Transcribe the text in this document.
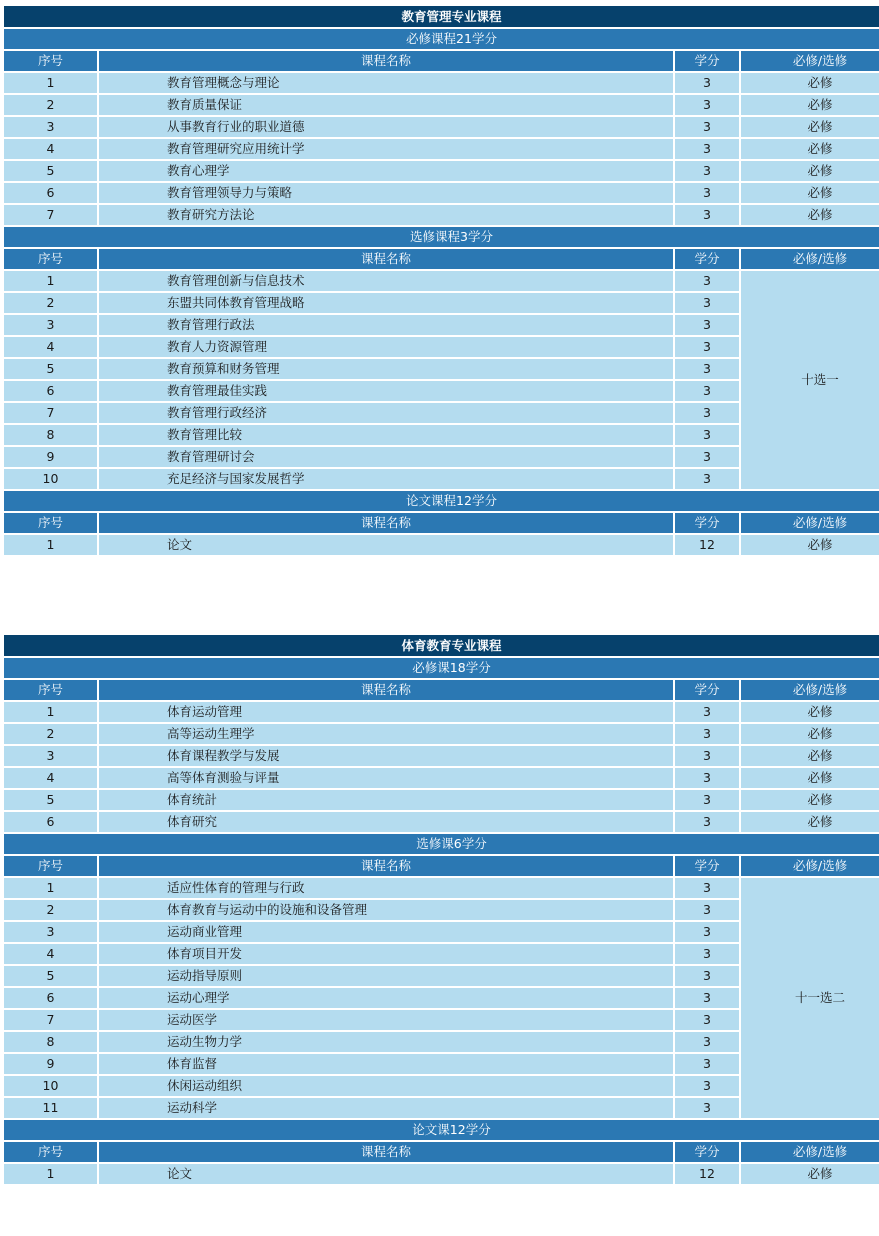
教育管理专业课程			
必修课程21学分			
序号	课程名称	学分	必修/选修
1	教育管理概念与理论	3	必修
2	教育质量保证	3	必修
3	从事教育行业的职业道德	3	必修
4	教育管理研究应用统计学	3	必修
5	教育心理学	3	必修
6	教育管理领导力与策略	3	必修
7	教育研究方法论	3	必修
选修课程3学分			
序号	课程名称	学分	必修/选修
1	教育管理创新与信息技术	3	十选一
2	东盟共同体教育管理战略	3	
3	教育管理行政法	3	
4	教育人力资源管理	3	
5	教育预算和财务管理	3	
6	教育管理最佳实践	3	
7	教育管理行政经济	3	
8	教育管理比较	3	
9	教育管理研讨会	3	
10	充足经济与国家发展哲学	3	
论文课程12学分			
序号	课程名称	学分	必修/选修
1	论文	12	必修
体育教育专业课程			
必修课18学分			
序号	课程名称	学分	必修/选修
1	体育运动管理	3	必修
2	高等运动生理学	3	必修
3	体育课程教学与发展	3	必修
4	高等体育测验与评量	3	必修
5	体育统計	3	必修
6	体育研究	3	必修
选修课6学分			
序号	课程名称	学分	必修/选修
1	适应性体育的管理与行政	3	十一选二
2	体育教育与运动中的设施和设备管理	3	
3	运动商业管理	3	
4	体育项目开发	3	
5	运动指导原则	3	
6	运动心理学	3	
7	运动医学	3	
8	运动生物力学	3	
9	体育监督	3	
10	休闲运动组织	3	
11	运动科学	3	
论文课12学分			
序号	课程名称	学分	必修/选修
1	论文	12	必修
